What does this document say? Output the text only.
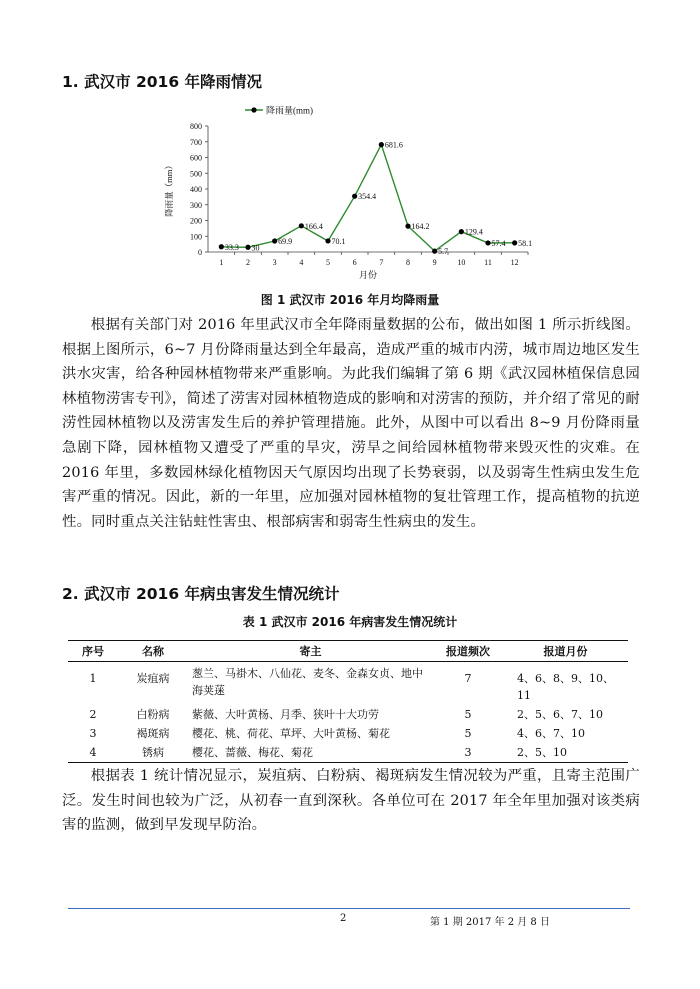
1. 武汉市 2016 年降雨情况
降雨量(mm)
降雨量（mm）
月份
0
100
200
300
400
500
600
700
800
1	2	3	4	5	6	7	8	9	10 11 12
33.3 30
69.9
166.4
70.1
354.4
681.6
164.2
5.7
129.4
57.4 58.1
图 1 武汉市 2016 年月均降雨量
根据有关部门对 2016 年里武汉市全年降雨量数据的公布，做出如图 1 所示折线图。根据上图所示，6~7 月份降雨量达到全年最高，造成严重的城市内涝，城市周边地区发生洪水灾害，给各种园林植物带来严重影响。为此我们编辑了第 6 期《武汉园林植保信息园林植物涝害专刊》，简述了涝害对园林植物造成的影响和对涝害的预防，并介绍了常见的耐涝性园林植物以及涝害发生后的养护管理措施。此外，从图中可以看出 8~9 月份降雨量急剧下降，园林植物又遭受了严重的旱灾，涝旱之间给园林植物带来毁灭性的灾难。在 2016 年里，多数园林绿化植物因天气原因均出现了长势衰弱，以及弱寄生性病虫发生危害严重的情况。因此，新的一年里，应加强对园林植物的复壮管理工作，提高植物的抗逆性。同时重点关注钻蛀性害虫、根部病害和弱寄生性病虫的发生。
2. 武汉市 2016 年病虫害发生情况统计
表 1 武汉市 2016 年病害发生情况统计
序号	名称	寄主	报道频次	报道月份
1	炭疽病	葱兰、马褂木、八仙花、麦冬、金森女贞、地中海荚蒾	7	4、6、8、9、10、11
2	白粉病	紫薇、大叶黄杨、月季、狭叶十大功劳	5	2、5、6、7、10
3	褐斑病	樱花、桃、荷花、草坪、大叶黄杨、菊花	5	4、6、7、10
4	锈病	樱花、蔷薇、梅花、菊花	3	2、5、10
根据表 1 统计情况显示，炭疽病、白粉病、褐斑病发生情况较为严重，且寄主范围广泛。发生时间也较为广泛，从初春一直到深秋。各单位可在 2017 年全年里加强对该类病害的监测，做到早发现早防治。
2	第 1 期 2017 年 2 月 8 日
